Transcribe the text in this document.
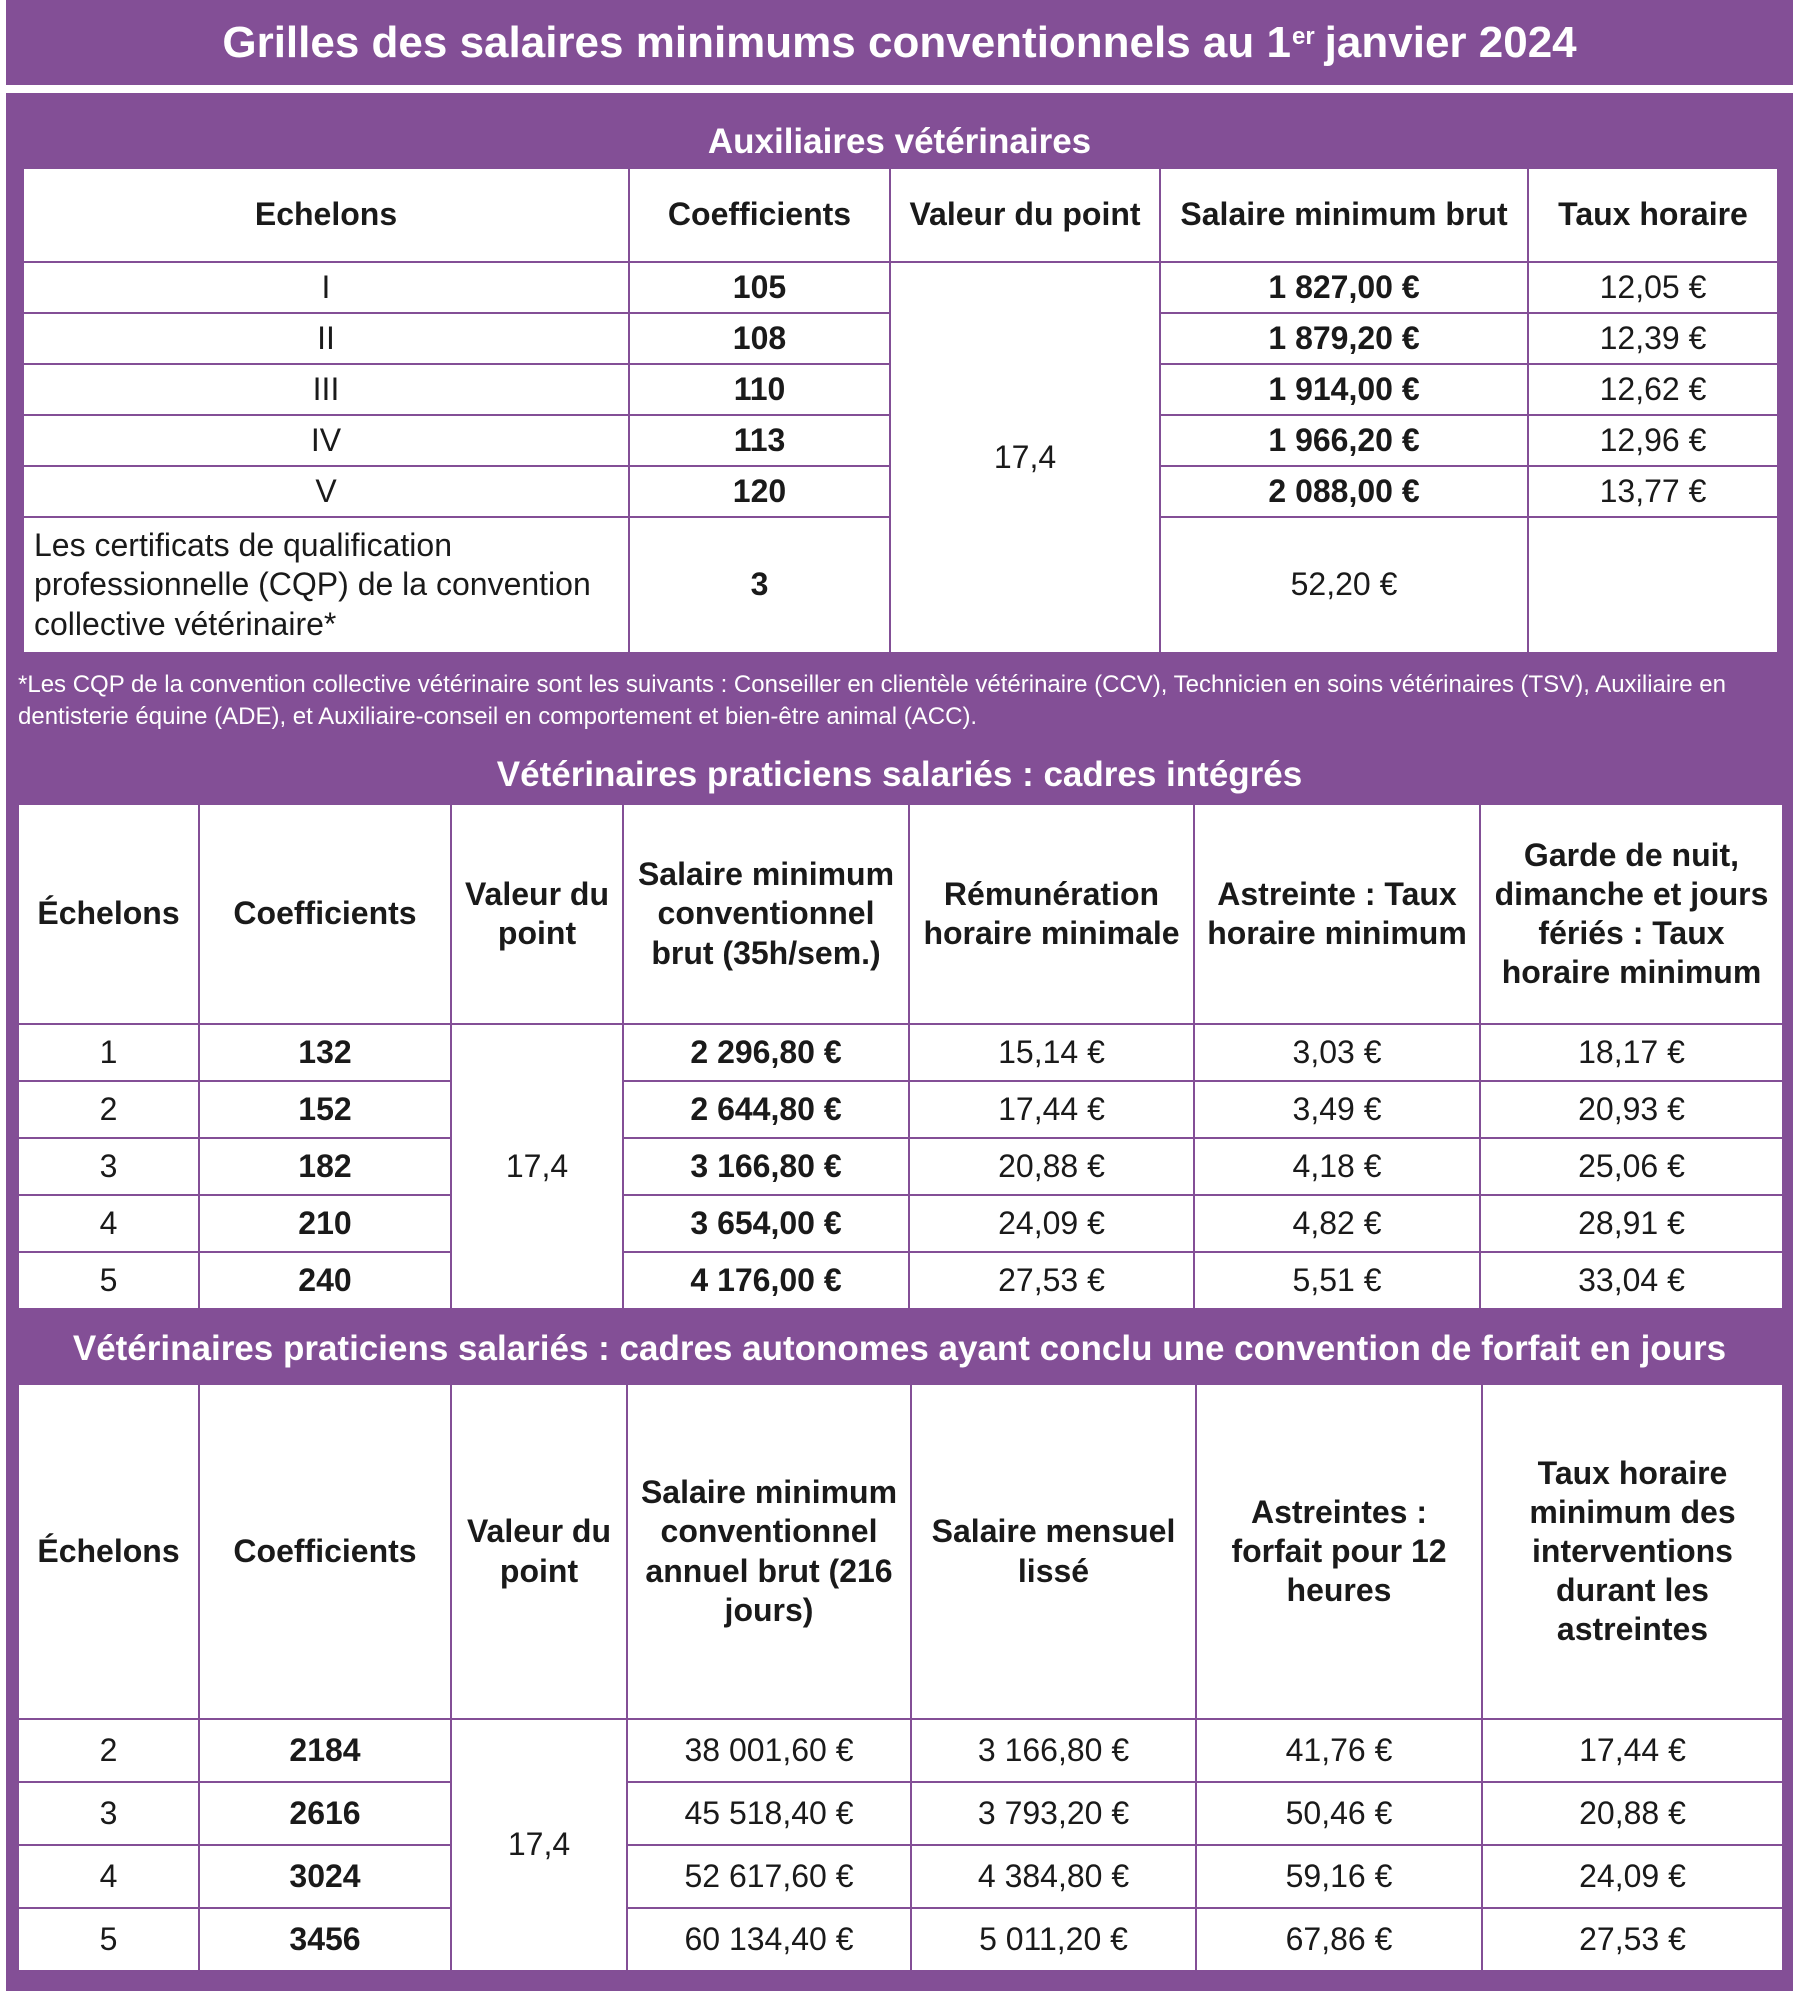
Grilles des salaires minimums conventionnels au 1er janvier 2024
Auxiliaires vétérinaires
Echelons	Coefficients	Valeur du point	Salaire minimum brut	Taux horaire
I	105	17,4	1 827,00 €	12,05 €
II	108		1 879,20 €	12,39 €
III	110		1 914,00 €	12,62 €
IV	113		1 966,20 €	12,96 €
V	120		2 088,00 €	13,77 €
Les certificats de qualification professionnelle (CQP) de la convention collective vétérinaire*	3		52,20 €	
*Les CQP de la convention collective vétérinaire sont les suivants : Conseiller en clientèle vétérinaire (CCV), Technicien en soins vétérinaires (TSV), Auxiliaire en dentisterie équine (ADE), et Auxiliaire-conseil en comportement et bien-être animal (ACC).
Vétérinaires praticiens salariés : cadres intégrés
Échelons	Coefficients	Valeur du point	Salaire minimum conventionnel brut (35h/sem.)	Rémunération horaire minimale	Astreinte : Taux horaire minimum	Garde de nuit, dimanche et jours fériés : Taux horaire minimum
1	132	17,4	2 296,80 €	15,14 €	3,03 €	18,17 €
2	152		2 644,80 €	17,44 €	3,49 €	20,93 €
3	182		3 166,80 €	20,88 €	4,18 €	25,06 €
4	210		3 654,00 €	24,09 €	4,82 €	28,91 €
5	240		4 176,00 €	27,53 €	5,51 €	33,04 €
Vétérinaires praticiens salariés : cadres autonomes ayant conclu une convention de forfait en jours
Échelons	Coefficients	Valeur du point	Salaire minimum conventionnel annuel brut (216 jours)	Salaire mensuel lissé	Astreintes : forfait pour 12 heures	Taux horaire minimum des interventions durant les astreintes
2	2184	17,4	38 001,60 €	3 166,80 €	41,76 €	17,44 €
3	2616		45 518,40 €	3 793,20 €	50,46 €	20,88 €
4	3024		52 617,60 €	4 384,80 €	59,16 €	24,09 €
5	3456		60 134,40 €	5 011,20 €	67,86 €	27,53 €
